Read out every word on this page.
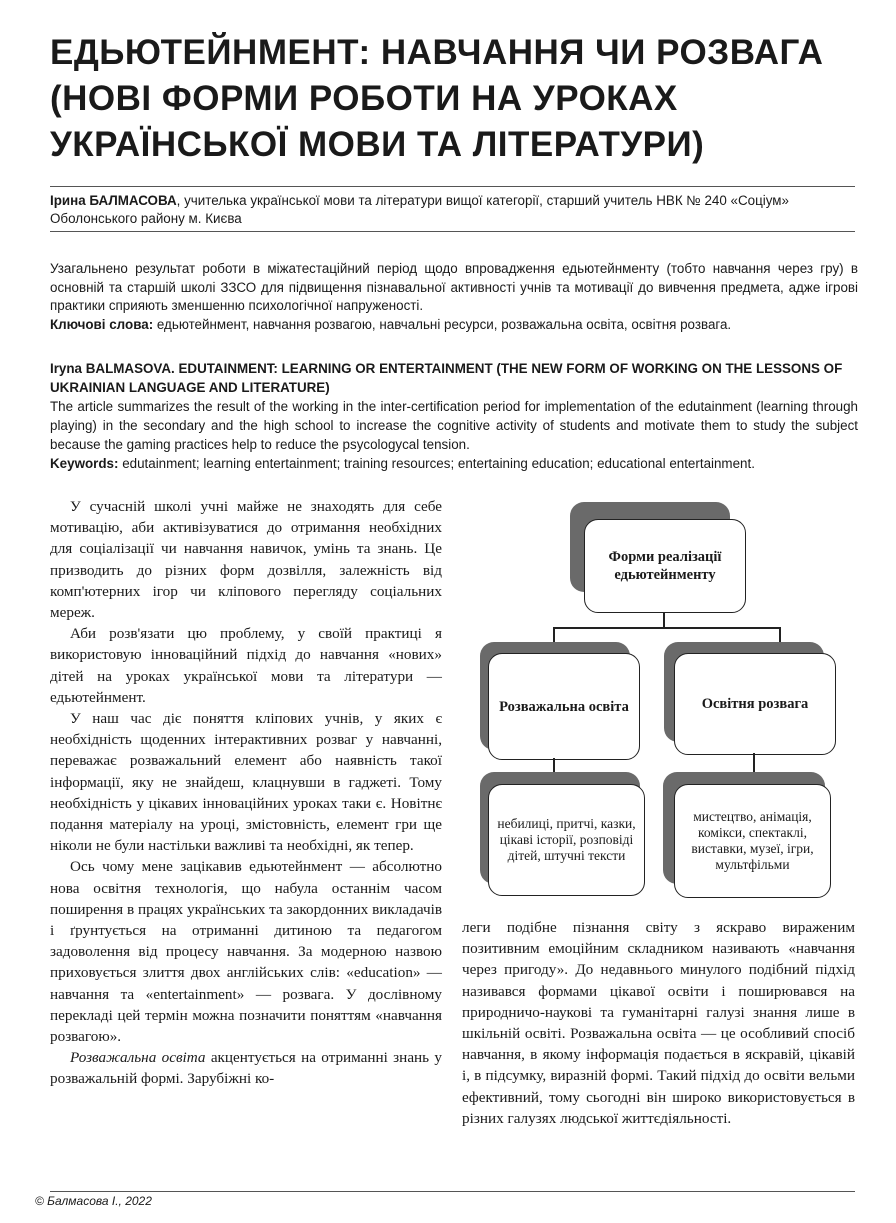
ЕДЬЮТЕЙНМЕНТ: НАВЧАННЯ ЧИ РОЗВАГА
(НОВІ ФОРМИ РОБОТИ НА УРОКАХ
УКРАЇНСЬКОЇ МОВИ ТА ЛІТЕРАТУРИ)
Ірина БАЛМАСОВА, учителька української мови та літератури вищої категорії, старший учитель НВК № 240 «Соціум» Оболонського району м. Києва
Узагальнено результат роботи в міжатестаційний період щодо впровадження едьютейнменту (тобто навчання через гру) в основній та старшій школі ЗЗСО для підвищення пізнавальної активності учнів та мотивації до вивчення предмета, адже ігрові практики сприяють зменшенню психологічної напруженості.
Ключові слова: едьютейнмент, навчання розвагою, навчальні ресурси, розважальна освіта, освітня розвага.
Iryna BALMASOVA. EDUTAINMENT: LEARNING OR ENTERTAINMENT (THE NEW FORM OF WORKING ON THE LESSONS OF UKRAINIAN LANGUAGE AND LITERATURE)
The article summarizes the result of the working in the inter-certification period for implementation of the edutainment (learning through playing) in the secondary and the high school to increase the cognitive activity of students and motivate them to study the subject because the gaming practices help to reduce the psycologycal tension.
Keywords: edutainment; learning entertainment; training resources; entertaining education; educational entertainment.

У сучасній школі учні майже не знаходять для себе мотивацію, аби активізуватися до отримання необхідних для соціалізації чи навчання навичок, умінь та знань. Це призводить до різних форм дозвілля, залежність від комп'ютерних ігор чи кліпового перегляду соціальних мереж.

Аби розв'язати цю проблему, у своїй практиці я використовую інноваційний підхід до навчання «нових» дітей на уроках української мови та літератури — едьютейнмент.

У наш час діє поняття кліпових учнів, у яких є необхідність щоденних інтерактивних розваг у навчанні, переважає розважальний елемент або наявність такої інформації, яку не знайдеш, клацнувши в гаджеті. Тому необхідність у цікавих інноваційних уроках таки є. Новітнє подання матеріалу на уроці, змістовність, елемент гри ще ніколи не були настільки важливі та необхідні, як тепер.

Ось чому мене зацікавив едьютейнмент — абсолютно нова освітня технологія, що набула останнім часом поширення в працях українських та закордонних викладачів і ґрунтується на отриманні дитиною та педагогом задоволення від процесу навчання. За модерною назвою приховується злиття двох англійських слів: «education» — навчання та «entertainment» — розвага. У дослівному перекладі цей термін можна позначити поняттям «навчання розвагою».

Розважальна освіта акцентується на отриманні знань у розважальній формі. Зарубіжні ко-

Форми реалізації едьютейнменту
Розважальна освіта	Освітня розвага
небилиці, притчі, казки, цікаві історії, розповіді дітей, штучні тексти
мистецтво, анімація, комікси, спектаклі, виставки, музеї, ігри, мультфільми
леги подібне пізнання світу з яскраво вираженим позитивним емоційним складником називають «навчання через пригоду». До недавнього минулого подібний підхід називався формами цікавої освіти і поширювався на природничо-наукові та гуманітарні галузі знання лише в шкільній освіті. Розважальна освіта — це особливий спосіб навчання, в якому інформація подається в яскравій, цікавій і, в підсумку, виразній формі. Такий підхід до освіти вельми ефективний, тому сьогодні він широко використовується в різних галузях людської життєдіяльності.
© Балмасова І., 2022
